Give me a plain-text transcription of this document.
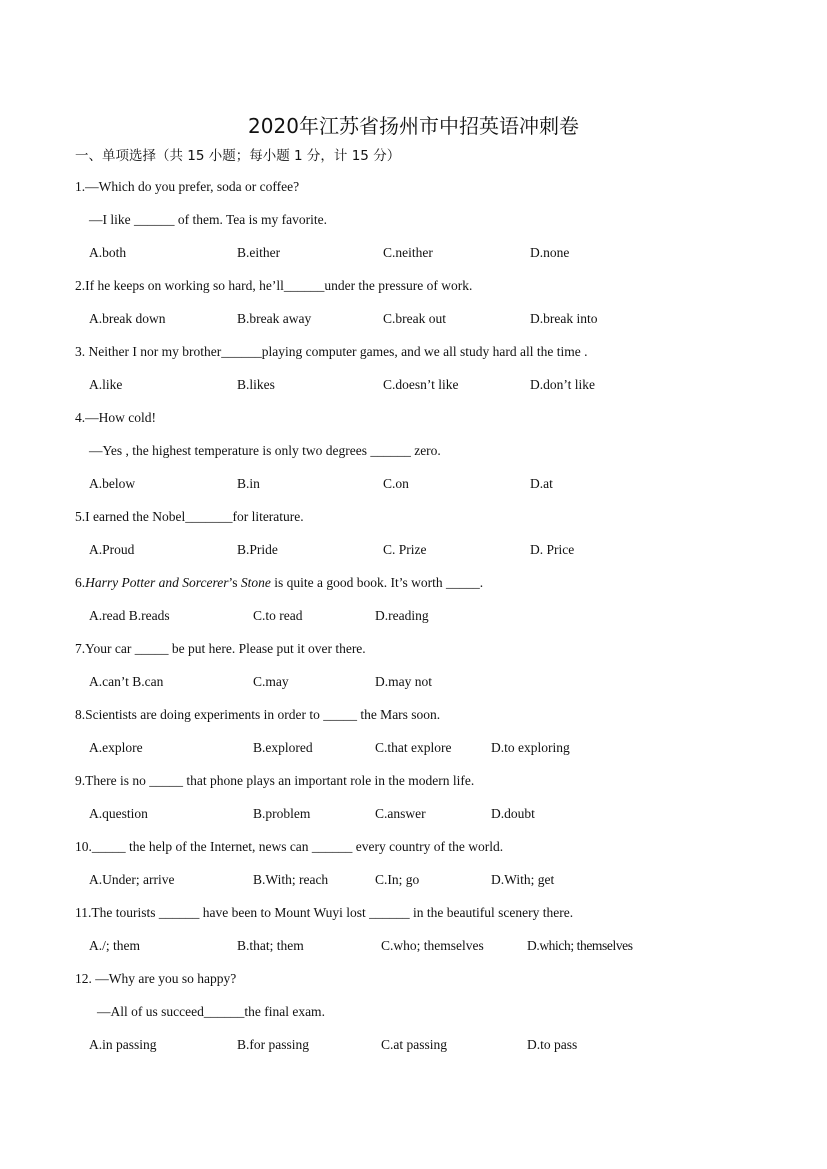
2020年江苏省扬州市中招英语冲刺卷
一、单项选择（共 15 小题；每小题 1 分，计 15 分）
1.—Which do you prefer, soda or coffee?
—I like ______ of them. Tea is my favorite.
A.both	B.either	C.neither	D.none
2.If he keeps on working so hard, he’ll______under the pressure of work.
A.break down	B.break away	C.break out	D.break into
3. Neither I nor my brother______playing computer games, and we all study hard all the time .
A.like	B.likes	C.doesn’t like	D.don’t like
4.—How cold!
—Yes , the highest temperature is only two degrees ______ zero.
A.below	B.in	C.on	D.at
5.I earned the Nobel_______for literature.
A.Proud	B.Pride	C. Prize	D. Price
6.Harry Potter and Sorcerer’s Stone is quite a good book. It’s worth _____.
A.read B.reads	C.to read	D.reading
7.Your car _____ be put here. Please put it over there.
A.can’t B.can	C.may	D.may not
8.Scientists are doing experiments in order to _____ the Mars soon.
A.explore	B.explored	C.that explore	D.to exploring
9.There is no _____ that phone plays an important role in the modern life.
A.question	B.problem	C.answer	D.doubt
10._____ the help of the Internet, news can ______ every country of the world.
A.Under; arrive	B.With; reach	C.In; go	D.With; get
11.The tourists ______ have been to Mount Wuyi lost ______ in the beautiful scenery there.
A./; them	B.that; them	C.who; themselves	D.which; themselves
12. —Why are you so happy?
—All of us succeed______the final exam.
A.in passing	B.for passing	C.at passing	D.to pass
